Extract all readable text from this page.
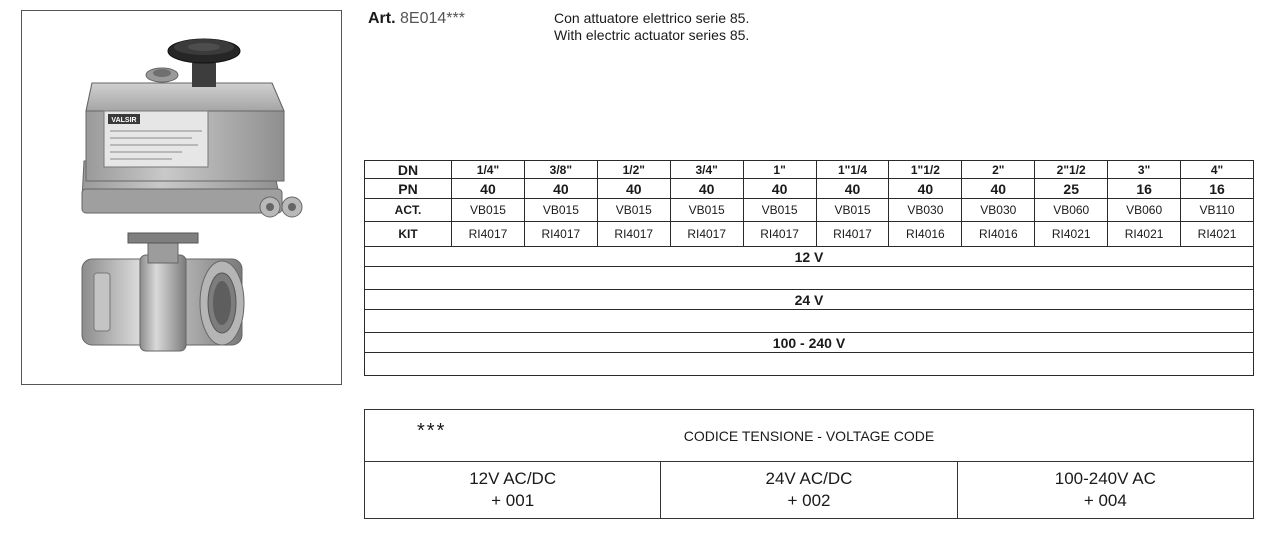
VALSIR
Art. 8E014***	Con attuatore elettrico serie 85.
With electric actuator series 85.
DN	1/4"	3/8"	1/2"	3/4"	1"	1"1/4	1"1/2	2"	2"1/2	3"	4"
PN	40	40	40	40	40	40	40	40	25	16	16
ACT.	VB015	VB015	VB015	VB015	VB015	VB015	VB030	VB030	VB060	VB060	VB110
KIT	RI4017	RI4017	RI4017	RI4017	RI4017	RI4017	RI4016	RI4016	RI4021	RI4021	RI4021
12 V											

24 V											

100 - 240 V											

CODICE TENSIONE - VOLTAGE CODE
***
12V AC/DC
+ 001
24V AC/DC
+ 002
100-240V AC
+ 004
